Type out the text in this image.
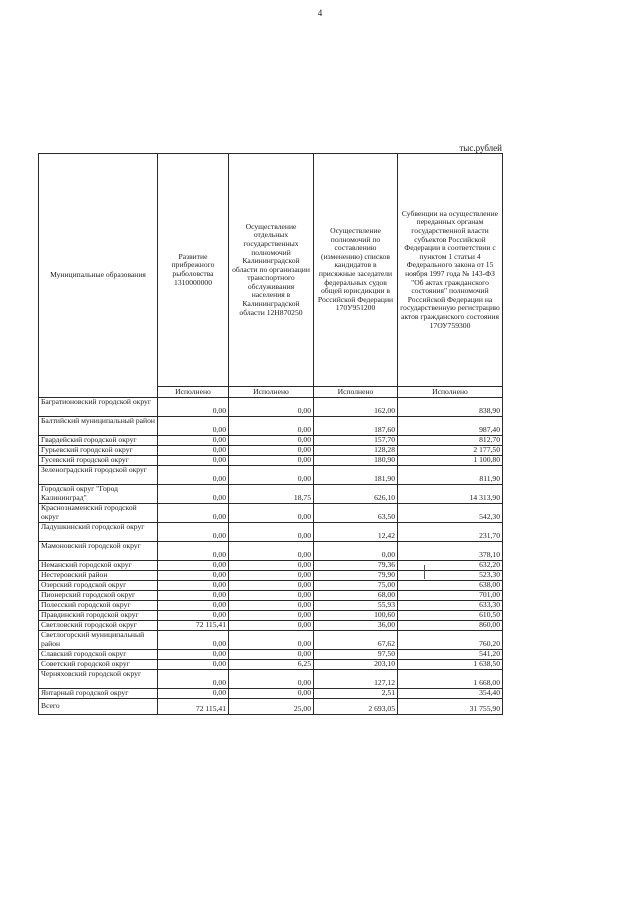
4
тыс.рублей
Муниципальные образования	Развитие прибрежного рыболовства 1310000000	Осуществление отдельных государственных полномочий Калининградской области по организации транспортного обслуживания населения в Калининградской области 12Н870250	Осуществление полномочий по составлению (изменению) списков кандидатов в присяжные заседатели федеральных судов общей юрисдикции в Российской Федерации 170У951200	Субвенции на осуществление переданных органам государственной власти субъектов Российской Федерации в соответствии с пунктом 1 статьи 4 Федерального закона от 15 ноября 1997 года № 143-ФЗ "Об актах гражданского состояния" полномочий Российской Федерации на государственную регистрацию актов гражданского состояния 17ОУ759300
	Исполнено	Исполнено	Исполнено	Исполнено
Багратионовский городской округ	0,00	0,00	162,00	838,90
Балтийский муниципальный район	0,00	0,00	187,60	987,40
Гвардейский городской округ	0,00	0,00	157,70	812,70
Гурьевский городской округ	0,00	0,00	128,28	2 177,50
Гусевский городской округ	0,00	0,00	180,90	1 100,80
Зеленоградский городской округ	0,00	0,00	181,90	811,90
Городской округ "Город Калининград"	0,00	18,75	626,10	14 313,90
Краснознаменский городской округ	0,00	0,00	63,50	542,30
Ладушкинский городской округ	0,00	0,00	12,42	231,70
Мамоновский городской округ	0,00	0,00	0,00	378,10
Неманский городской округ	0,00	0,00	79,36	632,20
Нестеровский район	0,00	0,00	79,90	523,30
Озерский городской округ	0,00	0,00	75,00	638,00
Пионерский городской округ	0,00	0,00	68,00	701,00
Полесский городской округ	0,00	0,00	55,93	633,30
Правдинский городской округ	0,00	0,00	100,60	610,50
Светловский городской округ	72 115,41	0,00	36,00	860,00
Светлогорский муниципальный район	0,00	0,00	67,62	760,20
Славский городской округ	0,00	0,00	97,50	541,20
Советский городской округ	0,00	6,25	203,10	1 638,50
Черняховский городской округ	0,00	0,00	127,12	1 668,00
Янтарный городской округ	0,00	0,00	2,51	354,40
Всего	72 115,41	25,00	2 693,05	31 755,90
